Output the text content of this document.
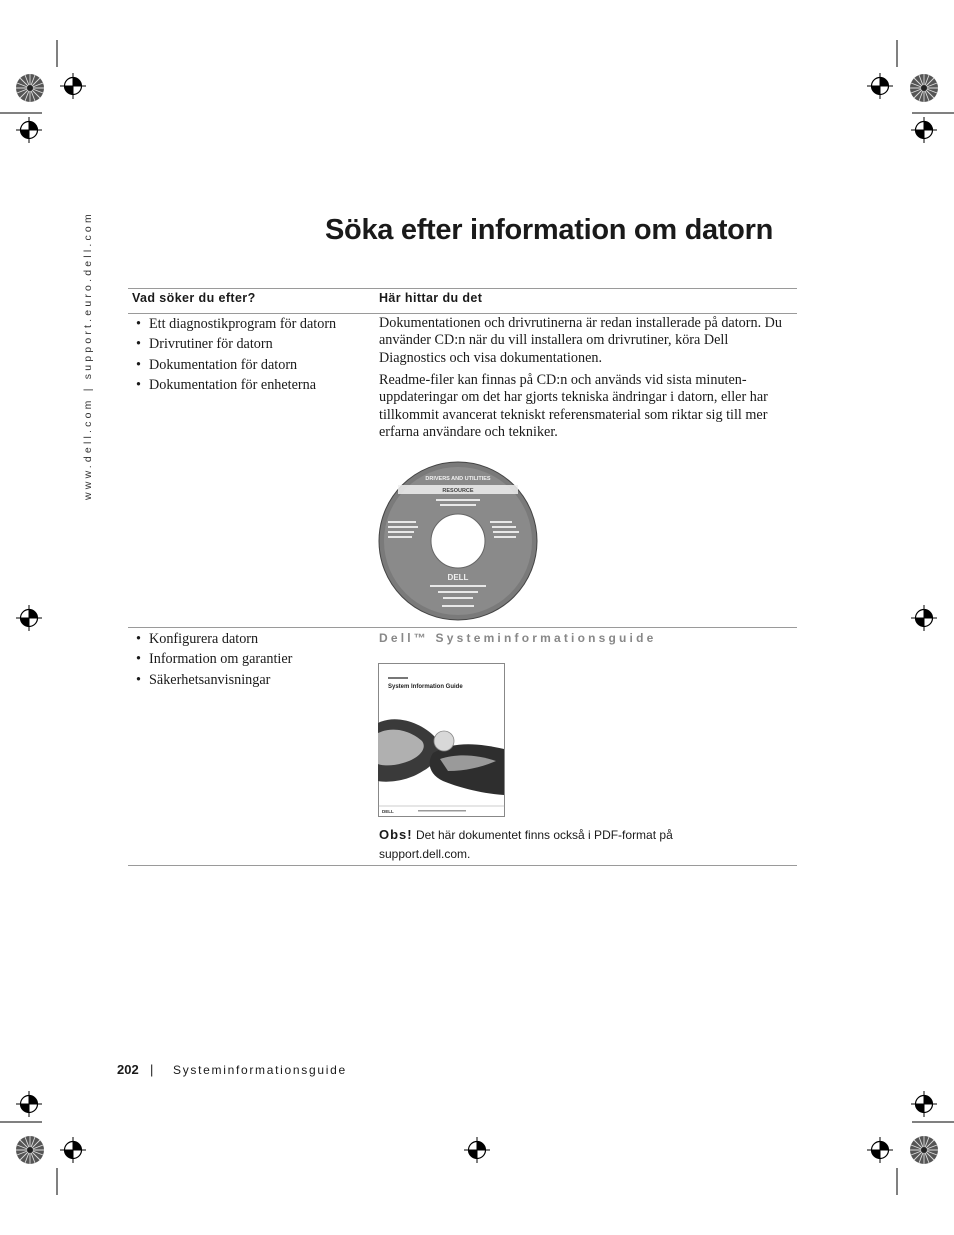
www.dell.com | support.euro.dell.com	Söka efter information om datorn
Vad söker du efter?	Här hittar du det
• Ett diagnostikprogram för datorn
• Drivrutiner för datorn
• Dokumentation för datorn
• Dokumentation för enheterna

Dokumentationen och drivrutinerna är redan installerade på datorn. Du använder CD:n när du vill installera om drivrutiner, köra Dell Diagnostics och visa dokumentationen.

Readme-filer kan finnas på CD:n och används vid sista minuten-uppdateringar om det har gjorts tekniska ändringar i datorn, eller har tillkommit avancerat tekniskt referensmaterial som riktar sig till mer erfarna användare och tekniker.

DRIVERS AND UTILITIES
RESOURCE
DELL
• Konfigurera datorn
• Information om garantier
• Säkerhetsanvisningar
Dell™ Systeminformationsguide
System Information Guide
DELL
Obs! Det här dokumentet finns också i PDF-format på
support.dell.com.
202 | Systeminformationsguide
